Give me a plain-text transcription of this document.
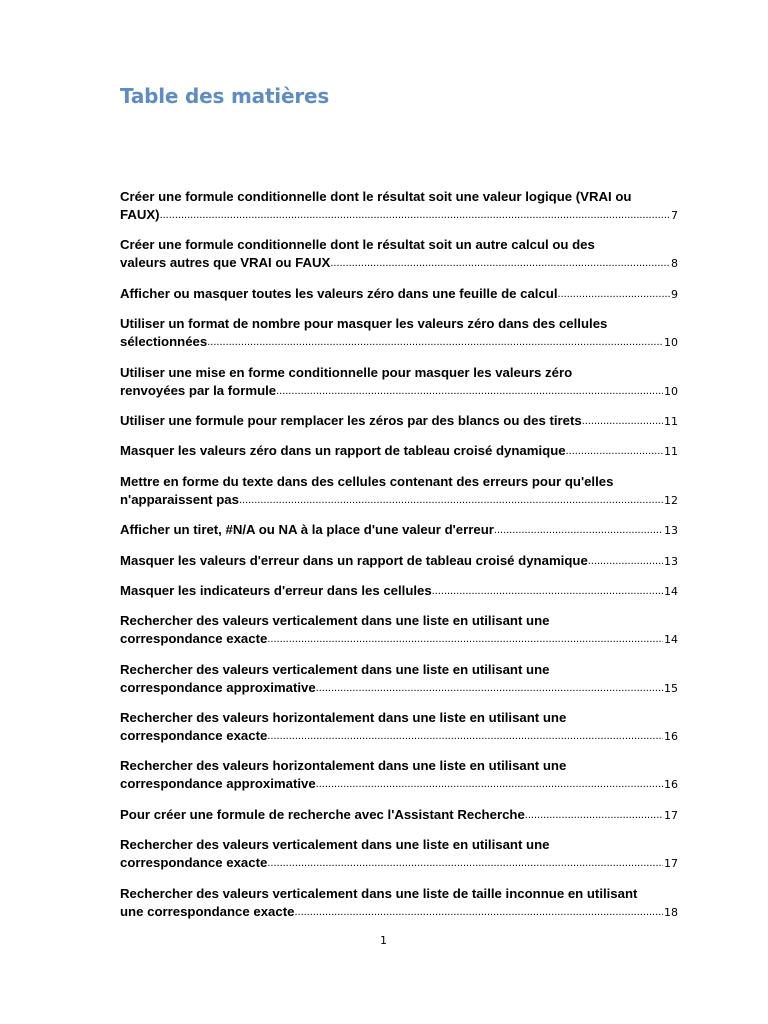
Table des matières
Créer une formule conditionnelle dont le résultat soit une valeur logique (VRAI ou
FAUX) .....	7
Créer une formule conditionnelle dont le résultat soit un autre calcul ou des
valeurs autres que VRAI ou FAUX .....	8
Afficher ou masquer toutes les valeurs zéro dans une feuille de calcul .....	9
Utiliser un format de nombre pour masquer les valeurs zéro dans des cellules
sélectionnées .....	10
Utiliser une mise en forme conditionnelle pour masquer les valeurs zéro
renvoyées par la formule .....	10
Utiliser une formule pour remplacer les zéros par des blancs ou des tirets .....	11
Masquer les valeurs zéro dans un rapport de tableau croisé dynamique .....	11
Mettre en forme du texte dans des cellules contenant des erreurs pour qu'elles
n'apparaissent pas .....	12
Afficher un tiret, #N/A ou NA à la place d'une valeur d'erreur .....	13
Masquer les valeurs d'erreur dans un rapport de tableau croisé dynamique .....	13
Masquer les indicateurs d'erreur dans les cellules .....	14
Rechercher des valeurs verticalement dans une liste en utilisant une
correspondance exacte .....	14
Rechercher des valeurs verticalement dans une liste en utilisant une
correspondance approximative .....	15
Rechercher des valeurs horizontalement dans une liste en utilisant une
correspondance exacte .....	16
Rechercher des valeurs horizontalement dans une liste en utilisant une
correspondance approximative .....	16
Pour créer une formule de recherche avec l'Assistant Recherche .....	17
Rechercher des valeurs verticalement dans une liste en utilisant une
correspondance exacte .....	17
Rechercher des valeurs verticalement dans une liste de taille inconnue en utilisant
une correspondance exacte .....	18
1
